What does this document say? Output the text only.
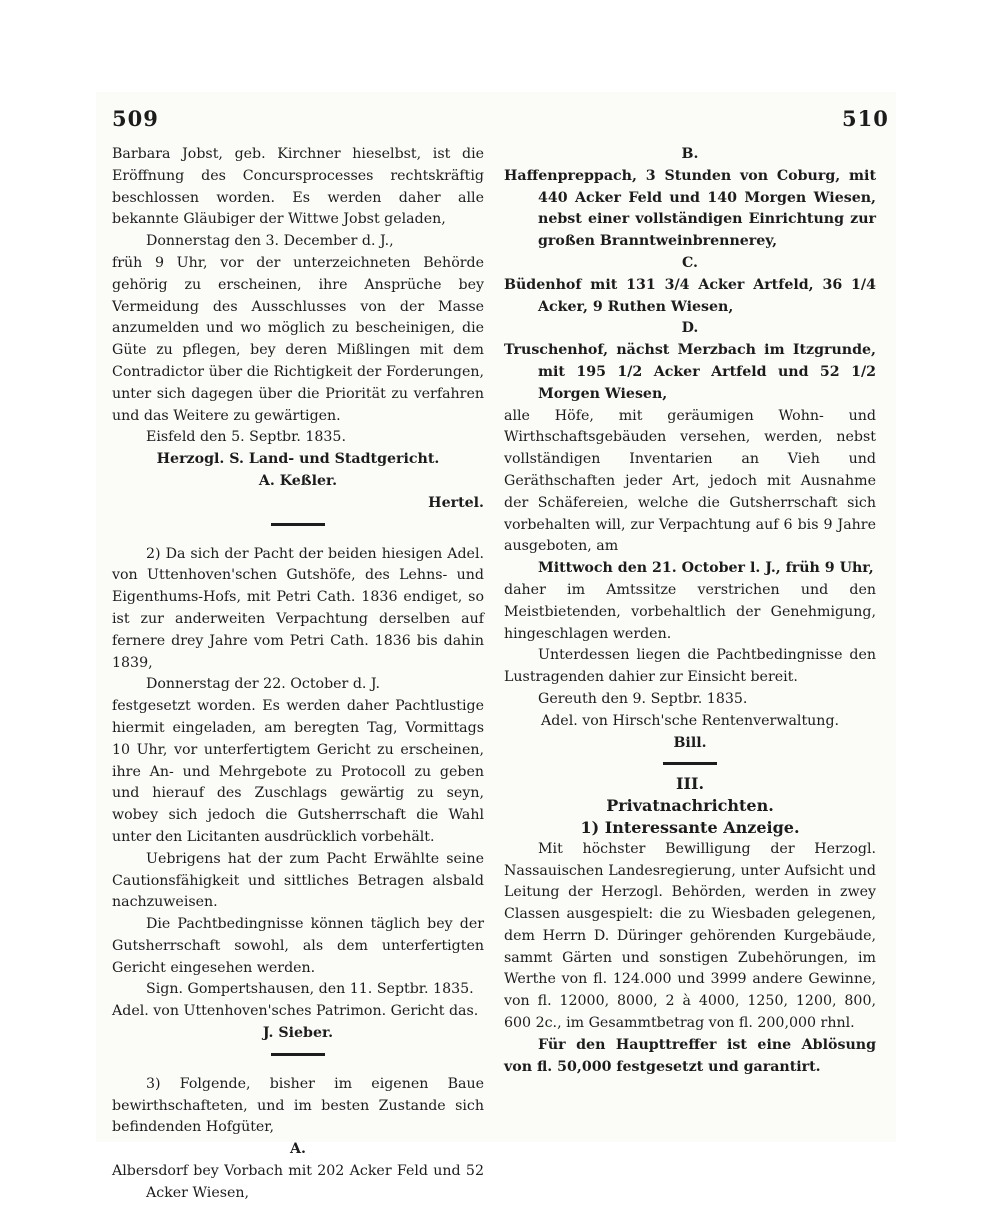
509	510

Barbara Jobst, geb. Kirchner hieselbst, ist die Eröffnung des Concursprocesses rechtskräftig beschlossen worden. Es werden daher alle bekannte Gläubiger der Wittwe Jobst geladen,

Donnerstag den 3. December d. J.,

früh 9 Uhr, vor der unterzeichneten Behörde gehörig zu erscheinen, ihre Ansprüche bey Vermeidung des Ausschlusses von der Masse anzumelden und wo möglich zu bescheinigen, die Güte zu pflegen, bey deren Mißlingen mit dem Contradictor über die Richtigkeit der Forderungen, unter sich dagegen über die Priorität zu verfahren und das Weitere zu gewärtigen.

Eisfeld den 5. Septbr. 1835.

Herzogl. S. Land- und Stadtgericht.

A. Keßler.

Hertel.

2) Da sich der Pacht der beiden hiesigen Adel. von Uttenhoven'schen Gutshöfe, des Lehns- und Eigenthums-Hofs, mit Petri Cath. 1836 endiget, so ist zur anderweiten Verpachtung derselben auf fernere drey Jahre vom Petri Cath. 1836 bis dahin 1839,

Donnerstag der 22. October d. J.

festgesetzt worden. Es werden daher Pachtlustige hiermit eingeladen, am beregten Tag, Vormittags 10 Uhr, vor unterfertigtem Gericht zu erscheinen, ihre An- und Mehrgebote zu Protocoll zu geben und hierauf des Zuschlags gewärtig zu seyn, wobey sich jedoch die Gutsherrschaft die Wahl unter den Licitanten ausdrücklich vorbehält.

Uebrigens hat der zum Pacht Erwählte seine Cautionsfähigkeit und sittliches Betragen alsbald nachzuweisen.

Die Pachtbedingnisse können täglich bey der Gutsherrschaft sowohl, als dem unterfertigten Gericht eingesehen werden.

Sign. Gompertshausen, den 11. Septbr. 1835.

Adel. von Uttenhoven'sches Patrimon. Gericht das.

J. Sieber.

3) Folgende, bisher im eigenen Baue bewirthschafteten, und im besten Zustande sich befindenden Hofgüter,

A.

Albersdorf bey Vorbach mit 202 Acker Feld und 52 Acker Wiesen,

B.

Haffenpreppach, 3 Stunden von Coburg, mit 440 Acker Feld und 140 Morgen Wiesen, nebst einer vollständigen Einrichtung zur großen Branntweinbrennerey,

C.

Büdenhof mit 131 3/4 Acker Artfeld, 36 1/4 Acker, 9 Ruthen Wiesen,

D.

Truschenhof, nächst Merzbach im Itzgrunde, mit 195 1/2 Acker Artfeld und 52 1/2 Morgen Wiesen,

alle Höfe, mit geräumigen Wohn- und Wirthschaftsgebäuden versehen, werden, nebst vollständigen Inventarien an Vieh und Geräthschaften jeder Art, jedoch mit Ausnahme der Schäfereien, welche die Gutsherrschaft sich vorbehalten will, zur Verpachtung auf 6 bis 9 Jahre ausgeboten, am

Mittwoch den 21. October l. J., früh 9 Uhr,

daher im Amtssitze verstrichen und den Meistbietenden, vorbehaltlich der Genehmigung, hingeschlagen werden.

Unterdessen liegen die Pachtbedingnisse den Lustragenden dahier zur Einsicht bereit.

Gereuth den 9. Septbr. 1835.

Adel. von Hirsch'sche Rentenverwaltung.

Bill.

III.

Privatnachrichten.

1) Interessante Anzeige.

Mit höchster Bewilligung der Herzogl. Nassauischen Landesregierung, unter Aufsicht und Leitung der Herzogl. Behörden, werden in zwey Classen ausgespielt: die zu Wiesbaden gelegenen, dem Herrn D. Düringer gehörenden Kurgebäude, sammt Gärten und sonstigen Zubehörungen, im Werthe von fl. 124.000 und 3999 andere Gewinne, von fl. 12000, 8000, 2 à 4000, 1250, 1200, 800, 600 2c., im Gesammtbetrag von fl. 200,000 rhnl.

Für den Haupttreffer ist eine Ablösung von fl. 50,000 festgesetzt und garantirt.
